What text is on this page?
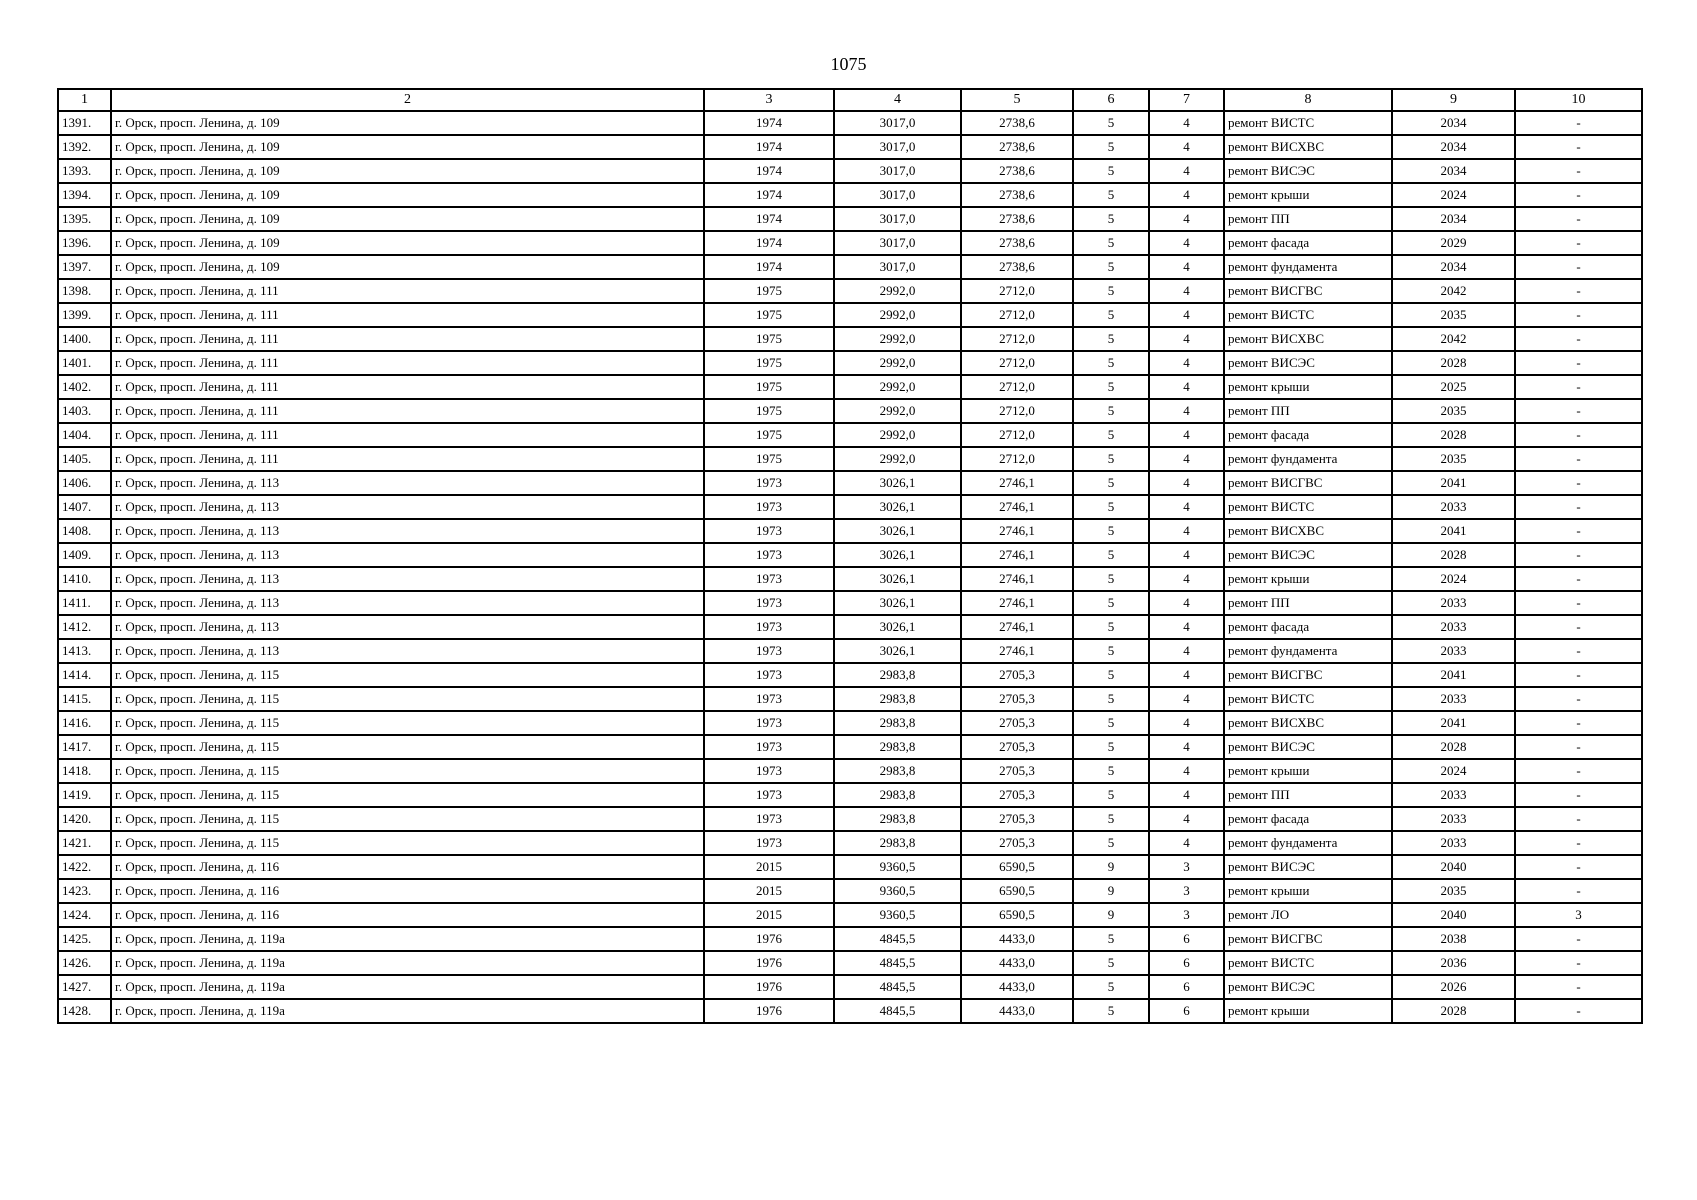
1075
1	2	3	4	5	6	7	8	9	10
1391.	г. Орск, просп. Ленина, д. 109	1974	3017,0	2738,6	5	4	ремонт ВИСТС	2034	-
1392.	г. Орск, просп. Ленина, д. 109	1974	3017,0	2738,6	5	4	ремонт ВИСХВС	2034	-
1393.	г. Орск, просп. Ленина, д. 109	1974	3017,0	2738,6	5	4	ремонт ВИСЭС	2034	-
1394.	г. Орск, просп. Ленина, д. 109	1974	3017,0	2738,6	5	4	ремонт крыши	2024	-
1395.	г. Орск, просп. Ленина, д. 109	1974	3017,0	2738,6	5	4	ремонт ПП	2034	-
1396.	г. Орск, просп. Ленина, д. 109	1974	3017,0	2738,6	5	4	ремонт фасада	2029	-
1397.	г. Орск, просп. Ленина, д. 109	1974	3017,0	2738,6	5	4	ремонт фундамента	2034	-
1398.	г. Орск, просп. Ленина, д. 111	1975	2992,0	2712,0	5	4	ремонт ВИСГВС	2042	-
1399.	г. Орск, просп. Ленина, д. 111	1975	2992,0	2712,0	5	4	ремонт ВИСТС	2035	-
1400.	г. Орск, просп. Ленина, д. 111	1975	2992,0	2712,0	5	4	ремонт ВИСХВС	2042	-
1401.	г. Орск, просп. Ленина, д. 111	1975	2992,0	2712,0	5	4	ремонт ВИСЭС	2028	-
1402.	г. Орск, просп. Ленина, д. 111	1975	2992,0	2712,0	5	4	ремонт крыши	2025	-
1403.	г. Орск, просп. Ленина, д. 111	1975	2992,0	2712,0	5	4	ремонт ПП	2035	-
1404.	г. Орск, просп. Ленина, д. 111	1975	2992,0	2712,0	5	4	ремонт фасада	2028	-
1405.	г. Орск, просп. Ленина, д. 111	1975	2992,0	2712,0	5	4	ремонт фундамента	2035	-
1406.	г. Орск, просп. Ленина, д. 113	1973	3026,1	2746,1	5	4	ремонт ВИСГВС	2041	-
1407.	г. Орск, просп. Ленина, д. 113	1973	3026,1	2746,1	5	4	ремонт ВИСТС	2033	-
1408.	г. Орск, просп. Ленина, д. 113	1973	3026,1	2746,1	5	4	ремонт ВИСХВС	2041	-
1409.	г. Орск, просп. Ленина, д. 113	1973	3026,1	2746,1	5	4	ремонт ВИСЭС	2028	-
1410.	г. Орск, просп. Ленина, д. 113	1973	3026,1	2746,1	5	4	ремонт крыши	2024	-
1411.	г. Орск, просп. Ленина, д. 113	1973	3026,1	2746,1	5	4	ремонт ПП	2033	-
1412.	г. Орск, просп. Ленина, д. 113	1973	3026,1	2746,1	5	4	ремонт фасада	2033	-
1413.	г. Орск, просп. Ленина, д. 113	1973	3026,1	2746,1	5	4	ремонт фундамента	2033	-
1414.	г. Орск, просп. Ленина, д. 115	1973	2983,8	2705,3	5	4	ремонт ВИСГВС	2041	-
1415.	г. Орск, просп. Ленина, д. 115	1973	2983,8	2705,3	5	4	ремонт ВИСТС	2033	-
1416.	г. Орск, просп. Ленина, д. 115	1973	2983,8	2705,3	5	4	ремонт ВИСХВС	2041	-
1417.	г. Орск, просп. Ленина, д. 115	1973	2983,8	2705,3	5	4	ремонт ВИСЭС	2028	-
1418.	г. Орск, просп. Ленина, д. 115	1973	2983,8	2705,3	5	4	ремонт крыши	2024	-
1419.	г. Орск, просп. Ленина, д. 115	1973	2983,8	2705,3	5	4	ремонт ПП	2033	-
1420.	г. Орск, просп. Ленина, д. 115	1973	2983,8	2705,3	5	4	ремонт фасада	2033	-
1421.	г. Орск, просп. Ленина, д. 115	1973	2983,8	2705,3	5	4	ремонт фундамента	2033	-
1422.	г. Орск, просп. Ленина, д. 116	2015	9360,5	6590,5	9	3	ремонт ВИСЭС	2040	-
1423.	г. Орск, просп. Ленина, д. 116	2015	9360,5	6590,5	9	3	ремонт крыши	2035	-
1424.	г. Орск, просп. Ленина, д. 116	2015	9360,5	6590,5	9	3	ремонт ЛО	2040	3
1425.	г. Орск, просп. Ленина, д. 119а	1976	4845,5	4433,0	5	6	ремонт ВИСГВС	2038	-
1426.	г. Орск, просп. Ленина, д. 119а	1976	4845,5	4433,0	5	6	ремонт ВИСТС	2036	-
1427.	г. Орск, просп. Ленина, д. 119а	1976	4845,5	4433,0	5	6	ремонт ВИСЭС	2026	-
1428.	г. Орск, просп. Ленина, д. 119а	1976	4845,5	4433,0	5	6	ремонт крыши	2028	-
